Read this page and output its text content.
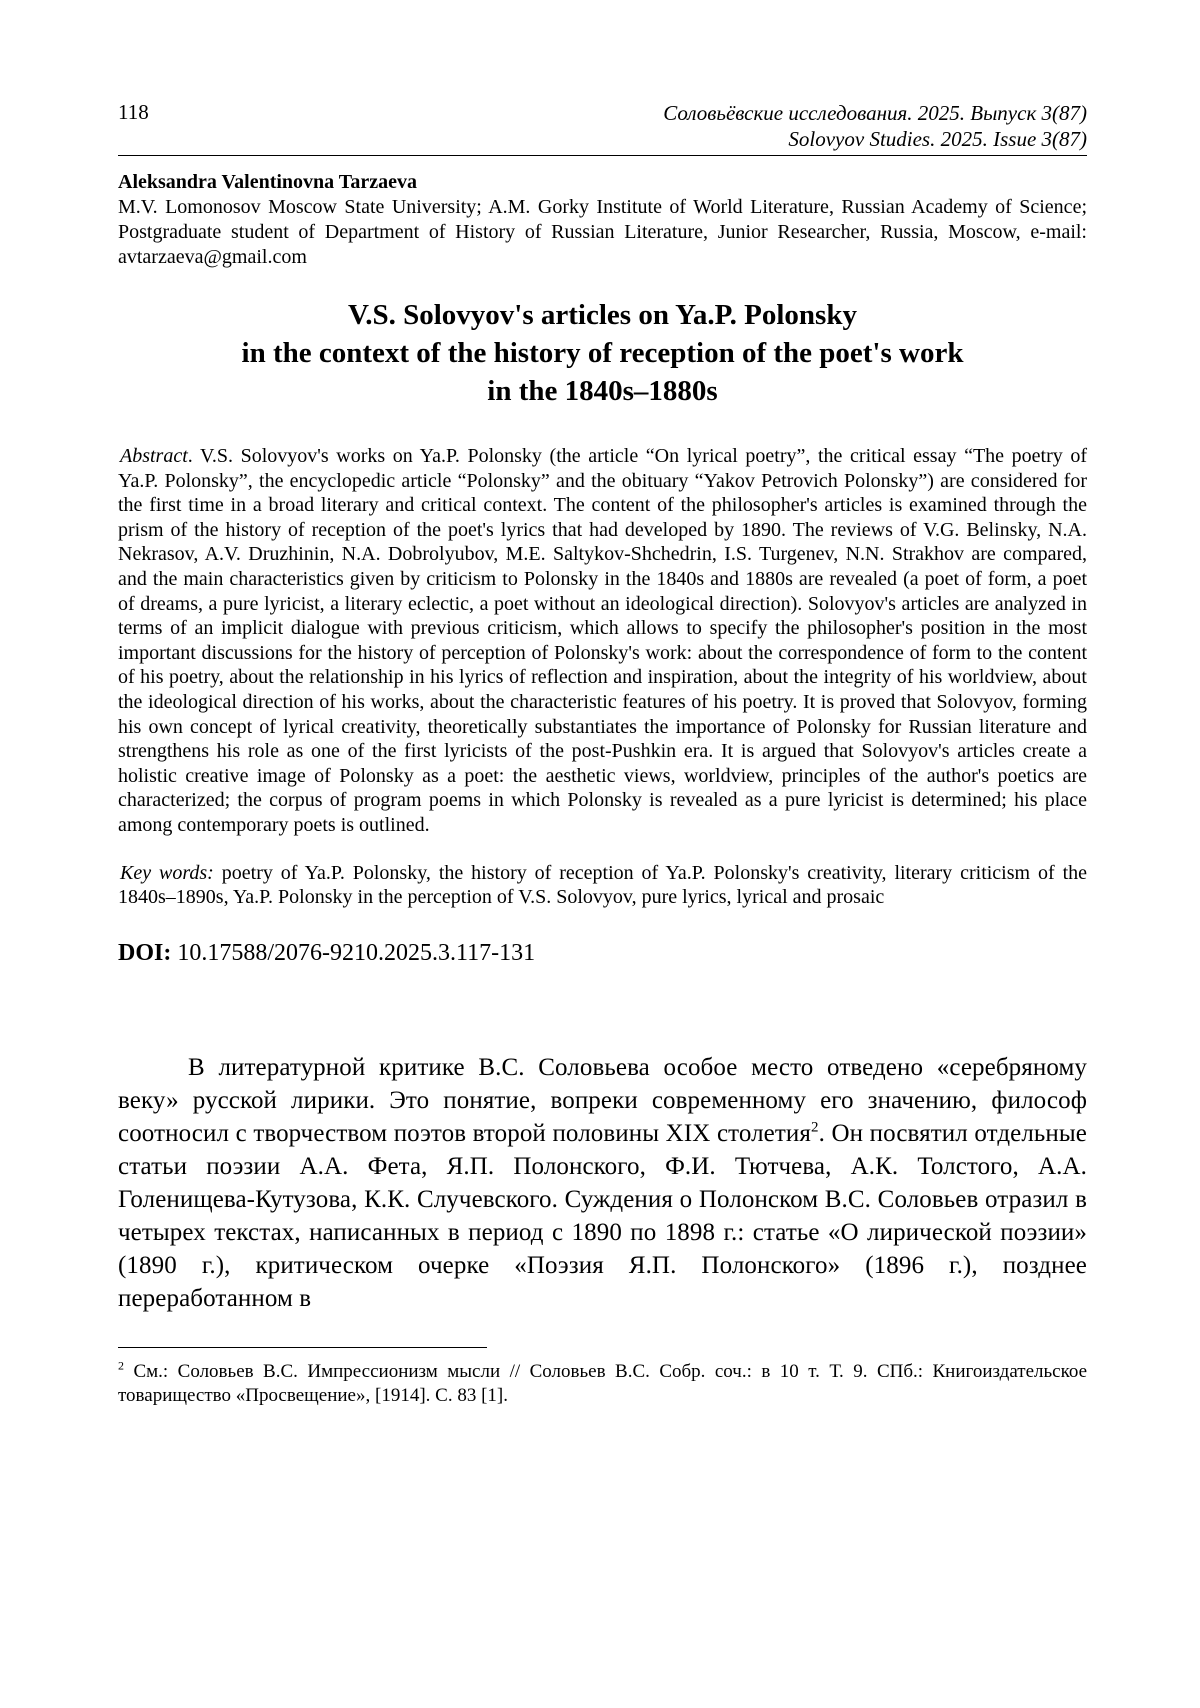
118	Соловьёвские исследования. 2025. Выпуск 3(87)
Solovyov Studies. 2025. Issue 3(87)
Aleksandra Valentinovna Tarzaeva
M.V. Lomonosov Moscow State University; A.M. Gorky Institute of World Literature, Russian Academy of Science; Postgraduate student of Department of History of Russian Literature, Junior Researcher, Russia, Moscow, e-mail: avtarzaeva@gmail.com
V.S. Solovyov's articles on Ya.P. Polonsky
in the context of the history of reception of the poet's work
in the 1840s–1880s
Abstract. V.S. Solovyov's works on Ya.P. Polonsky (the article “On lyrical poetry”, the critical essay “The poetry of Ya.P. Polonsky”, the encyclopedic article “Polonsky” and the obituary “Yakov Petrovich Polonsky”) are considered for the first time in a broad literary and critical context. The content of the philosopher's articles is examined through the prism of the history of reception of the poet's lyrics that had developed by 1890. The reviews of V.G. Belinsky, N.A. Nekrasov, A.V. Druzhinin, N.A. Dobrolyubov, M.E. Saltykov-Shchedrin, I.S. Turgenev, N.N. Strakhov are compared, and the main characteristics given by criticism to Polonsky in the 1840s and 1880s are revealed (a poet of form, a poet of dreams, a pure lyricist, a literary eclectic, a poet without an ideological direction). Solovyov's articles are analyzed in terms of an implicit dialogue with previous criticism, which allows to specify the philosopher's position in the most important discussions for the history of perception of Polonsky's work: about the correspondence of form to the content of his poetry, about the relationship in his lyrics of reflection and inspiration, about the integrity of his worldview, about the ideological direction of his works, about the characteristic features of his poetry. It is proved that Solovyov, forming his own concept of lyrical creativity, theoretically substantiates the importance of Polonsky for Russian literature and strengthens his role as one of the first lyricists of the post-Pushkin era. It is argued that Solovyov's articles create a holistic creative image of Polonsky as a poet: the aesthetic views, worldview, principles of the author's poetics are characterized; the corpus of program poems in which Polonsky is revealed as a pure lyricist is determined; his place among contemporary poets is outlined.
Key words: poetry of Ya.P. Polonsky, the history of reception of Ya.P. Polonsky's creativity, literary criticism of the 1840s–1890s, Ya.P. Polonsky in the perception of V.S. Solovyov, pure lyrics, lyrical and prosaic
DOI: 10.17588/2076-9210.2025.3.117-131
В литературной критике В.С. Соловьева особое место отведено «серебряному веку» русской лирики. Это понятие, вопреки современному его значению, философ соотносил с творчеством поэтов второй половины XIX столетия$^2$. Он посвятил отдельные статьи поэзии А.А. Фета, Я.П. Полонского, Ф.И. Тютчева, А.К. Толстого, А.А. Голенищева-Кутузова, К.К. Случевского. Суждения о Полонском В.С. Соловьев отразил в четырех текстах, написанных в период с 1890 по 1898 г.: статье «О лирической поэзии» (1890 г.), критическом очерке «Поэзия Я.П. Полонского» (1896 г.), позднее переработанном в
$^2$ См.: Соловьев В.С. Импрессионизм мысли // Соловьев В.С. Собр. соч.: в 10 т. Т. 9. СПб.: Книгоиздательское товарищество «Просвещение», [1914]. С. 83 [1].
